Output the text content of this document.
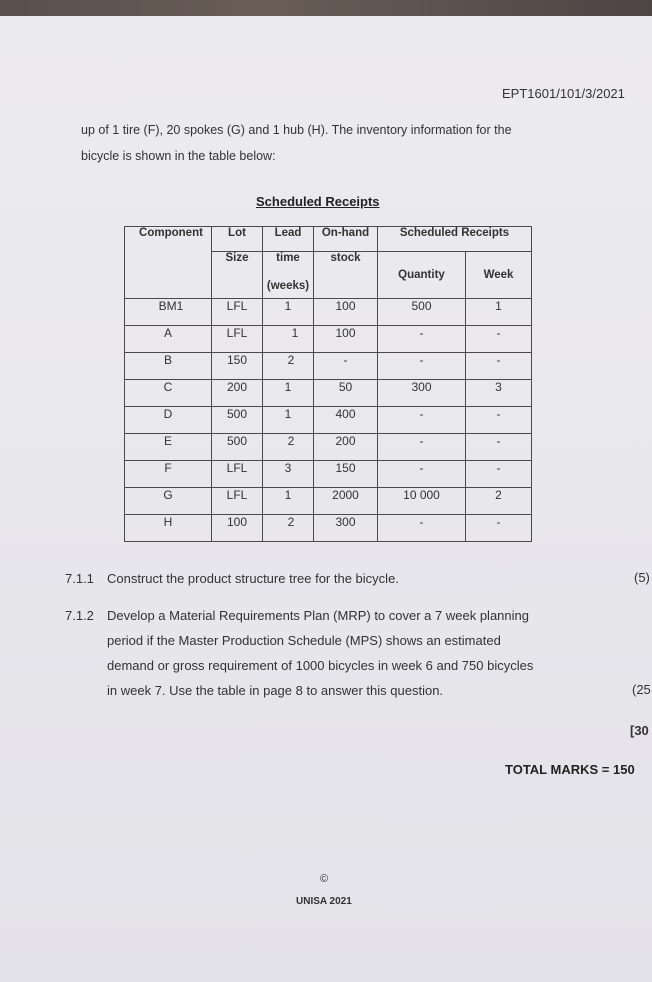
EPT1601/101/3/2021
up of 1 tire (F), 20 spokes (G) and 1 hub (H). The inventory information for the
bicycle is shown in the table below:
Scheduled Receipts
Component	Lot	Lead	On-hand	Scheduled Receipts	
	Size	time	stock	Quantity	Week
		(weeks)			
BM1	LFL	1	100	500	1
A	LFL	1	100	-	-
B	150	2	-	-	-
C	200	1	50	300	3
D	500	1	400	-	-
E	500	2	200	-	-
F	LFL	3	150	-	-
G	LFL	1	2000	10 000	2
H	100	2	300	-	-
7.1.1 Construct the product structure tree for the bicycle.	(5)
7.1.2 Develop a Material Requirements Plan (MRP) to cover a 7 week planning
period if the Master Production Schedule (MPS) shows an estimated
demand or gross requirement of 1000 bicycles in week 6 and 750 bicycles
in week 7. Use the table in page 8 to answer this question.	(25
[30
TOTAL MARKS = 150
©
UNISA 2021
